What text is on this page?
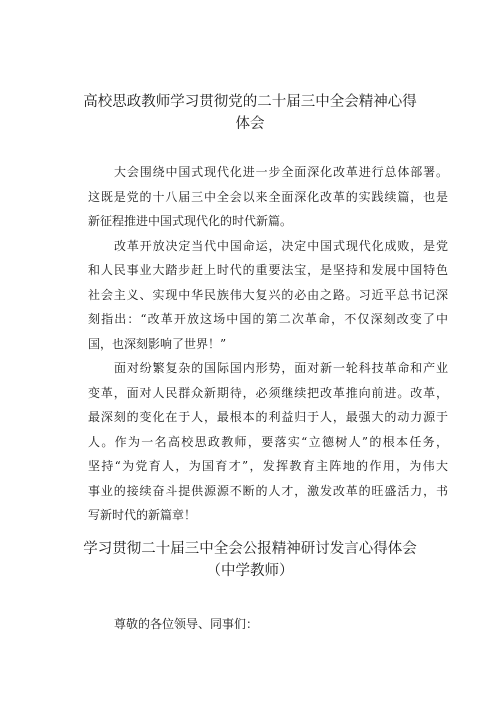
高校思政教师学习贯彻党的二十届三中全会精神心得
体会

大会围绕中国式现代化进一步全面深化改革进行总体部署。
这既是党的十八届三中全会以来全面深化改革的实践续篇，也是
新征程推进中国式现代化的时代新篇。

改革开放决定当代中国命运，决定中国式现代化成败，是党
和人民事业大踏步赶上时代的重要法宝，是坚持和发展中国特色
社会主义、实现中华民族伟大复兴的必由之路。习近平总书记深
刻指出：“改革开放这场中国的第二次革命，不仅深刻改变了中
国，也深刻影响了世界！”

面对纷繁复杂的国际国内形势，面对新一轮科技革命和产业
变革，面对人民群众新期待，必须继续把改革推向前进。改革，
最深刻的变化在于人，最根本的利益归于人，最强大的动力源于
人。作为一名高校思政教师，要落实“立德树人”的根本任务，
坚持“为党育人，为国育才”，发挥教育主阵地的作用，为伟大
事业的接续奋斗提供源源不断的人才，激发改革的旺盛活力，书
写新时代的新篇章！

学习贯彻二十届三中全会公报精神研讨发言心得体会
（中学教师）

尊敬的各位领导、同事们：
